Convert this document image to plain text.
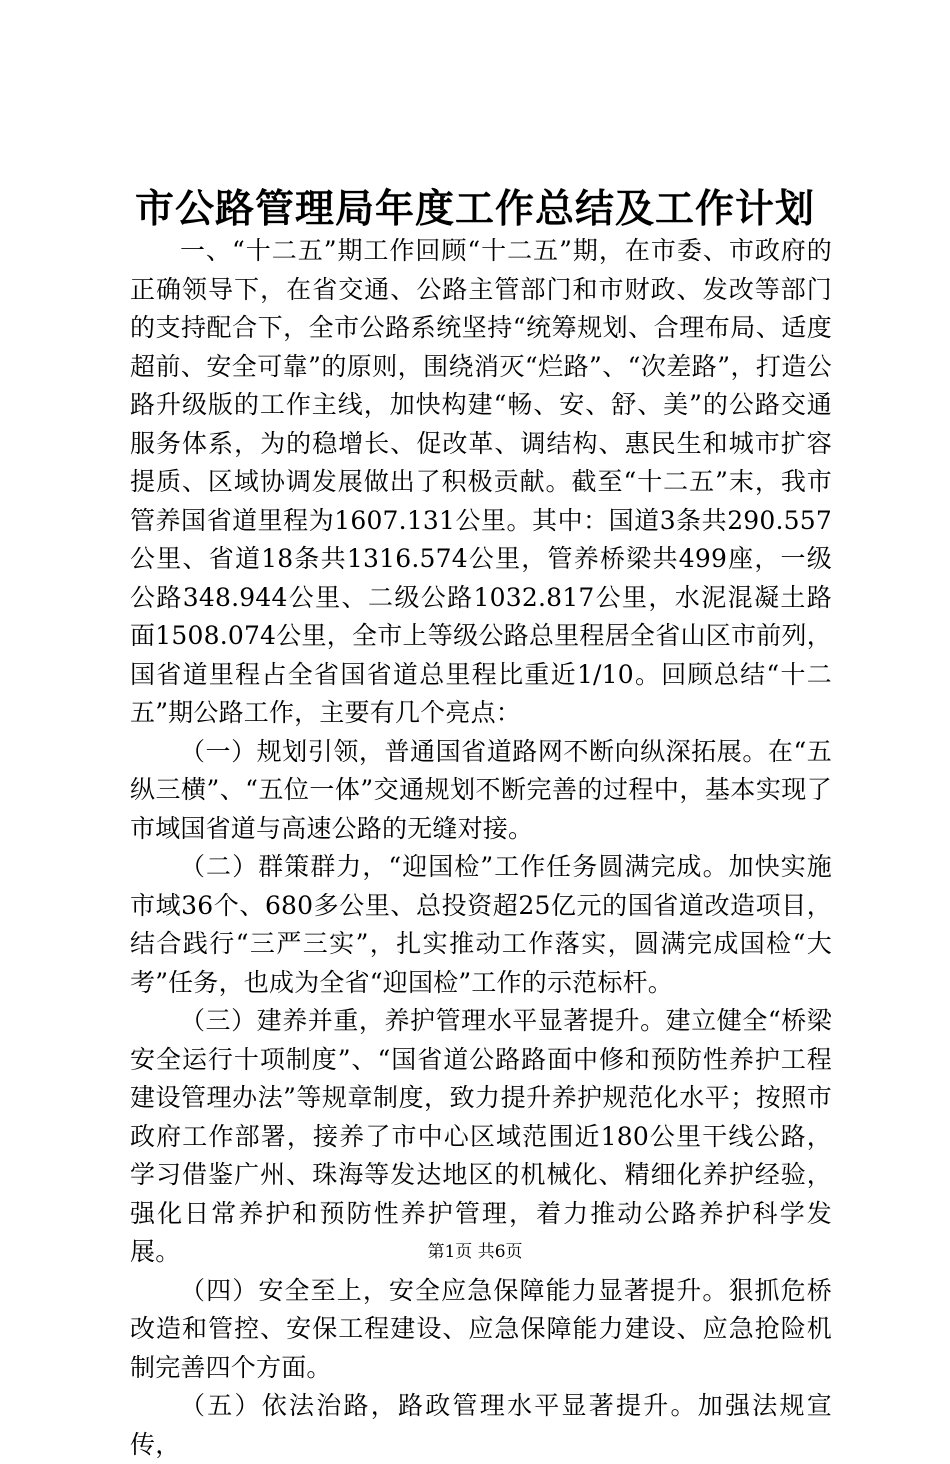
市公路管理局年度工作总结及工作计划

一、“十二五”期工作回顾“十二五”期，在市委、市政府的正确领导下，在省交通、公路主管部门和市财政、发改等部门的支持配合下，全市公路系统坚持“统筹规划、合理布局、适度超前、安全可靠”的原则，围绕消灭“烂路”、“次差路”，打造公路升级版的工作主线，加快构建“畅、安、舒、美”的公路交通服务体系，为的稳增长、促改革、调结构、惠民生和城市扩容提质、区域协调发展做出了积极贡献。截至“十二五”末，我市管养国省道里程为1607.131公里。其中：国道3条共290.557公里、省道18条共1316.574公里，管养桥梁共499座，一级公路348.944公里、二级公路1032.817公里，水泥混凝土路面1508.074公里，全市上等级公路总里程居全省山区市前列，国省道里程占全省国省道总里程比重近1/10。回顾总结“十二五”期公路工作，主要有几个亮点：

（一）规划引领，普通国省道路网不断向纵深拓展。在“五纵三横”、“五位一体”交通规划不断完善的过程中，基本实现了市域国省道与高速公路的无缝对接。

（二）群策群力，“迎国检”工作任务圆满完成。加快实施市域36个、680多公里、总投资超25亿元的国省道改造项目，结合践行“三严三实”，扎实推动工作落实，圆满完成国检“大考”任务，也成为全省“迎国检”工作的示范标杆。

（三）建养并重，养护管理水平显著提升。建立健全“桥梁安全运行十项制度”、“国省道公路路面中修和预防性养护工程建设管理办法”等规章制度，致力提升养护规范化水平；按照市政府工作部署，接养了市中心区域范围近180公里干线公路，学习借鉴广州、珠海等发达地区的机械化、精细化养护经验，强化日常养护和预防性养护管理，着力推动公路养护科学发展。

（四）安全至上，安全应急保障能力显著提升。狠抓危桥改造和管控、安保工程建设、应急保障能力建设、应急抢险机制完善四个方面。

（五）依法治路，路政管理水平显著提升。加强法规宣传，

第1页 共6页
